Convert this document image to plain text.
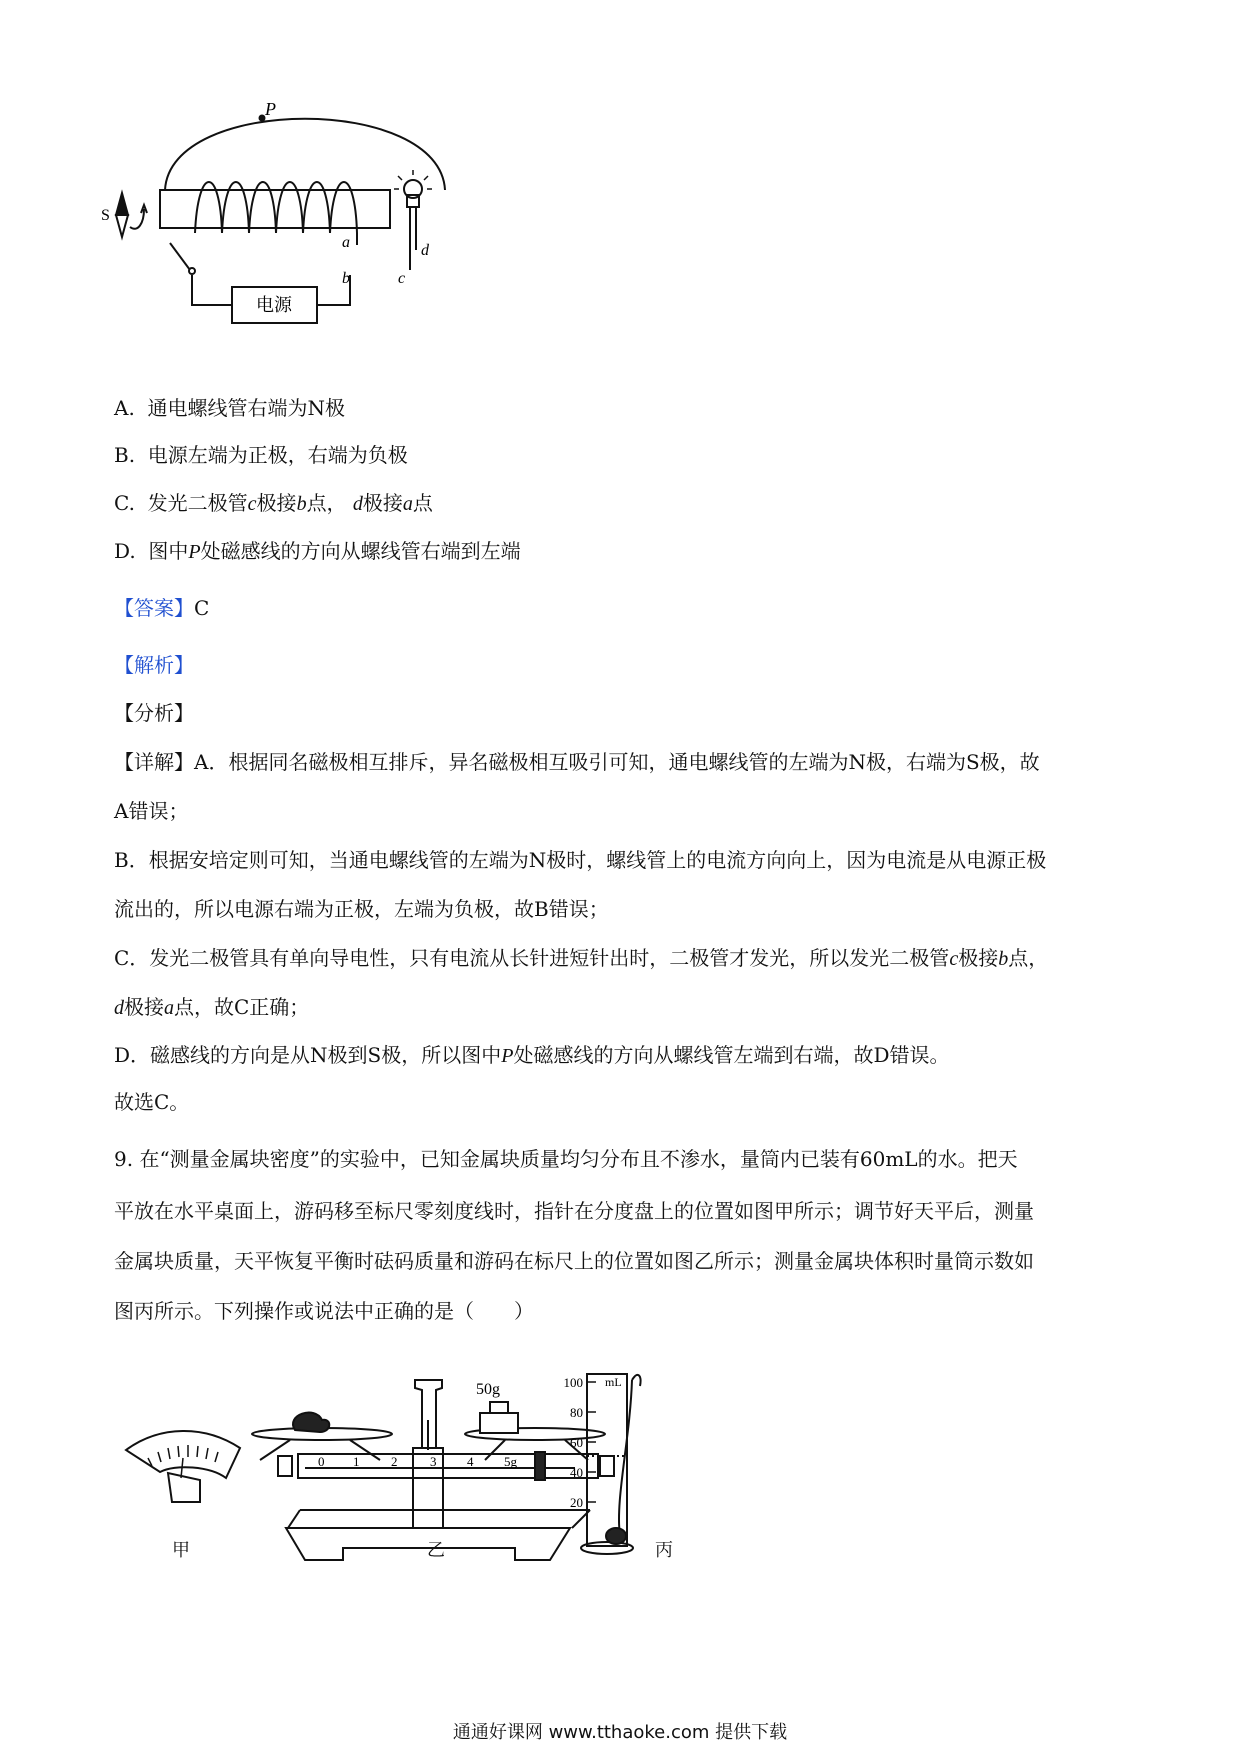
P
S
a
b	c
d
电源
A. 通电螺线管右端为N极
B. 电源左端为正极，右端为负极
C. 发光二极管c极接b点， d极接a点
D. 图中P处磁感线的方向从螺线管右端到左端
【答案】C
【解析】
【分析】
【详解】A．根据同名磁极相互排斥，异名磁极相互吸引可知，通电螺线管的左端为N极，右端为S极，故
A错误；
B．根据安培定则可知，当通电螺线管的左端为N极时，螺线管上的电流方向向上，因为电流是从电源正极
流出的，所以电源右端为正极，左端为负极，故B错误；
C．发光二极管具有单向导电性，只有电流从长针进短针出时，二极管才发光，所以发光二极管c极接b点，
d极接a点，故C正确；
D．磁感线的方向是从N极到S极，所以图中P处磁感线的方向从螺线管左端到右端，故D错误。
故选C。
9. 在“测量金属块密度”的实验中，已知金属块质量均匀分布且不渗水，量筒内已装有60mL的水。把天
平放在水平桌面上，游码移至标尺零刻度线时，指针在分度盘上的位置如图甲所示；调节好天平后，测量
金属块质量，天平恢复平衡时砝码质量和游码在标尺上的位置如图乙所示；测量金属块体积时量筒示数如
图丙所示。下列操作或说法中正确的是（　　）
50g
0 1 2	3 4 5g
100
80
60
40
20
mL
甲	乙	丙
通通好课网 www.tthaoke.com 提供下载
